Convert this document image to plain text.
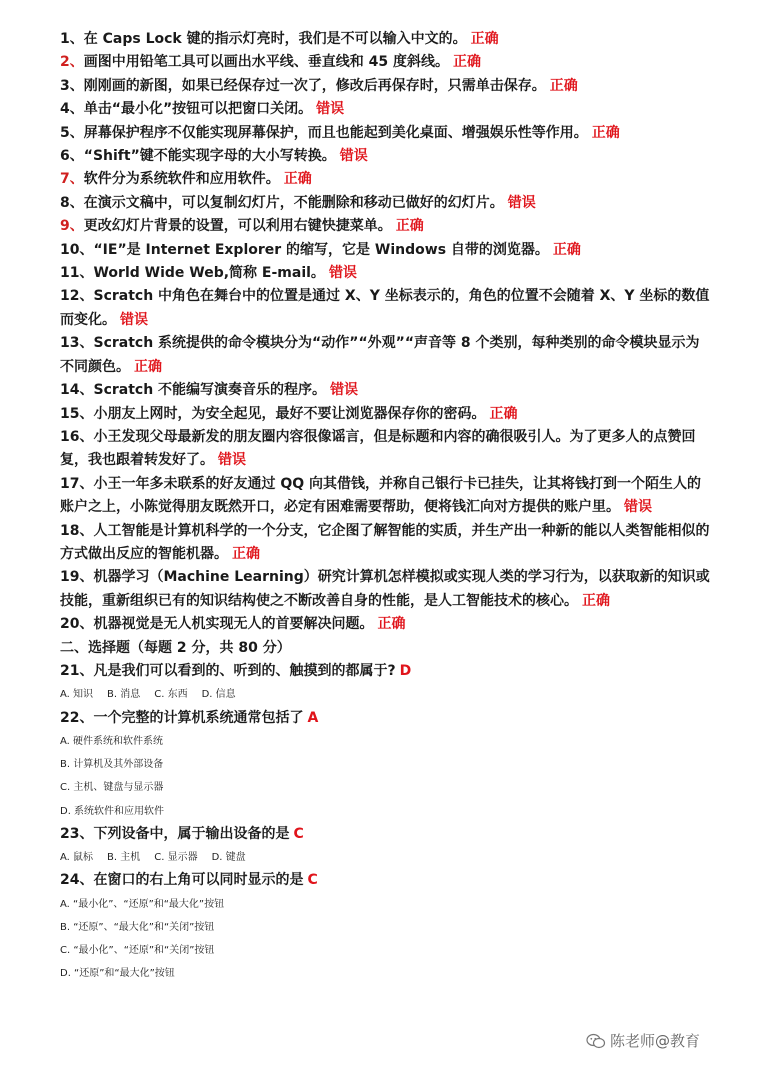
1、在 Caps Lock 键的指示灯亮时，我们是不可以输入中文的。 正确
2、画图中用铅笔工具可以画出水平线、垂直线和 45 度斜线。 正确
3、刚刚画的新图，如果已经保存过一次了，修改后再保存时，只需单击保存。 正确
4、单击“最小化”按钮可以把窗口关闭。 错误
5、屏幕保护程序不仅能实现屏幕保护，而且也能起到美化桌面、增强娱乐性等作用。 正确
6、“Shift”键不能实现字母的大小写转换。 错误
7、软件分为系统软件和应用软件。 正确
8、在演示文稿中，可以复制幻灯片，不能删除和移动已做好的幻灯片。 错误
9、更改幻灯片背景的设置，可以利用右键快捷菜单。 正确
10、“IE”是 Internet Explorer 的缩写，它是 Windows 自带的浏览器。 正确
11、World Wide Web,简称 E-mail。 错误
12、Scratch 中角色在舞台中的位置是通过 X、Y 坐标表示的，角色的位置不会随着 X、Y 坐标的数值而变化。 错误
13、Scratch 系统提供的命令模块分为“动作”“外观”“声音等 8 个类别，每种类别的命令模块显示为不同颜色。 正确
14、Scratch 不能编写演奏音乐的程序。 错误
15、小朋友上网时，为安全起见，最好不要让浏览器保存你的密码。 正确
16、小王发现父母最新发的朋友圈内容很像谣言，但是标题和内容的确很吸引人。为了更多人的点赞回复，我也跟着转发好了。 错误
17、小王一年多未联系的好友通过 QQ 向其借钱，并称自己银行卡已挂失，让其将钱打到一个陌生人的账户之上，小陈觉得朋友既然开口，必定有困难需要帮助，便将钱汇向对方提供的账户里。 错误
18、人工智能是计算机科学的一个分支，它企图了解智能的实质，并生产出一种新的能以人类智能相似的方式做出反应的智能机器。 正确
19、机器学习（Machine Learning）研究计算机怎样模拟或实现人类的学习行为，以获取新的知识或技能，重新组织已有的知识结构使之不断改善自身的性能，是人工智能技术的核心。 正确
20、机器视觉是无人机实现无人的首要解决问题。 正确
二、选择题（每题 2 分，共 80 分）
21、凡是我们可以看到的、听到的、触摸到的都属于? D
A. 知识 B. 消息 C. 东西 D. 信息
22、一个完整的计算机系统通常包括了 A
A. 硬件系统和软件系统
B. 计算机及其外部设备
C. 主机、键盘与显示器
D. 系统软件和应用软件
23、下列设备中，属于输出设备的是 C
A. 鼠标 B. 主机 C. 显示器 D. 键盘
24、在窗口的右上角可以同时显示的是 C
A. “最小化”、“还原”和“最大化”按钮
B. “还原”、“最大化”和“关闭”按钮
C. “最小化”、“还原”和“关闭”按钮
D. “还原”和“最大化”按钮
陈老师@教育
